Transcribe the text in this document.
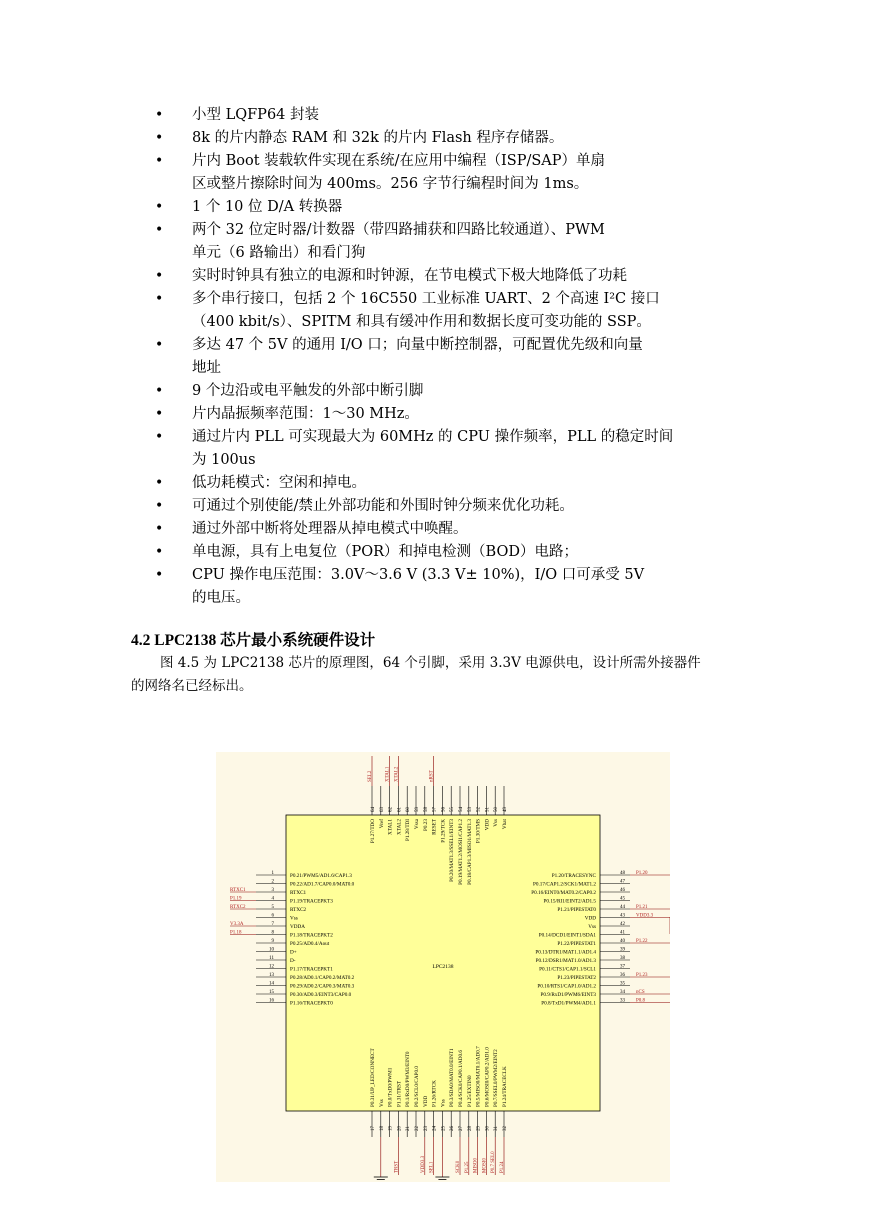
• 小型 LQFP64 封装
• 8k 的片内静态 RAM 和 32k 的片内 Flash 程序存储器。
• 片内 Boot 装载软件实现在系统/在应用中编程（ISP/SAP）单扇
区或整片擦除时间为 400ms。256 字节行编程时间为 1ms。
• 1 个 10 位 D/A 转换器
• 两个 32 位定时器/计数器（带四路捕获和四路比较通道）、PWM
单元（6 路输出）和看门狗
• 实时时钟具有独立的电源和时钟源，在节电模式下极大地降低了功耗
• 多个串行接口，包括 2 个 16C550 工业标准 UART、2 个高速 I²C 接口
（400 kbit/s）、SPITM 和具有缓冲作用和数据长度可变功能的 SSP。
• 多达 47 个 5V 的通用 I/O 口；向量中断控制器，可配置优先级和向量
地址
• 9 个边沿或电平触发的外部中断引脚
• 片内晶振频率范围：1～30 MHz。
• 通过片内 PLL 可实现最大为 60MHz 的 CPU 操作频率，PLL 的稳定时间
为 100us
• 低功耗模式：空闲和掉电。
• 可通过个别使能/禁止外部功能和外围时钟分频来优化功耗。
• 通过外部中断将处理器从掉电模式中唤醒。
• 单电源，具有上电复位（POR）和掉电检测（BOD）电路；
• CPU 操作电压范围：3.0V～3.6 V (3.3 V± 10%)，I/O 口可承受 5V
的电压。
4.2 LPC2138 芯片最小系统硬件设计
图 4.5 为 LPC2138 芯片的原理图，64 个引脚，采用 3.3V 电源供电，设计所需外接器件
的网络名已经标出。
LPC2138
1	P0.21/PWM5/AD1.6/CAP1.3
2	P0.22/AD1.7/CAP0.0/MAT0.0
3	RTXC1
RTXC1
4	P1.19/TRACEPKT3
P1.19
5	RTXC2
RTXC2
6	Vss
7	VDDA
V3.3A
8	P1.18/TRACEPKT2
P1.18
9	P0.25/AD0.4/Aout
10	D+
11	D-
12	P1.17/TRACEPKT1
13	P0.28/AD0.1/CAP0.2/MAT0.2
14	P0.29/AD0.2/CAP0.3/MAT0.3
15	P0.30/AD0.3/EINT3/CAP0.0
16	P1.16/TRACEPKT0
48
P1.20/TRACESYNC	P1.20
47
P0.17/CAP1.2/SCK1/MAT1.2
46
P0.16/EINT0/MAT0.2/CAP0.2
45
P0.15/RI1/EINT2/AD1.5
44
P1.21/PIPESTAT0	P1.21
43
VDD	VDD3.3
42
Vss
41
P0.14/DCD1/EINT1/SDA1
40
P1.22/PIPESTAT1	P1.22
39
P0.13/DTR1/MAT1.1/AD1.4
38
P0.12/DSR1/MAT1.0/AD1.3
37
P0.11/CTS1/CAP1.1/SCL1
36
P1.23/PIPESTAT2	P1.23
35
P0.10/RTS1/CAP1.0/AD1.2
34
P0.9/RxD1/PWM6/EINT3	nCS
33
P0.8/TxD1/PWM4/AD1.1	P0.8
64
P1.27/TDO
SEL2
63
Vref
62
XTAL1
XTAL1
61
XTAL2
XTAL2
60
P1.28/TDI
59
Vssa
58
P0.23
57
RESET
nRST
56
P1.29/TCK
55
P0.20/MAT1.3/SSEL1/EINT3
54
P0.19/MAT1.2/MOSI1/CAP1.2
53
P0.18/CAP1.3/MISO1/MAT1.3
52
P1.30/TMS
51
VDD
50
Vss
49
Vbat
17
P0.31/UP_LED/CONNECT
18
Vss
19
P0.0/TxD0/PWM1
20
P1.31/TRST
TRST
21
P0.1/RxD0/PWM3/EINT0
22
P0.2/SCL0/CAP0.0
23
VDD
VDD3.3
24
P1.26/RTCK
SEL1
25
Vss
26
P0.3/SDA0/MAT0.0/EINT1
27
P0.4/SCK0/CAP0.1/AD0.6
SCK0
28
P1.25/EXTIN0
P1.25
29
P0.5/MISO0/MAT0.1/AD0.7
MISO0
30
P0.6/MOSI0/CAP0.2/AD1.0
MOSI0
31
P0.7/SSEL0/PWM2/EINT2
P0.7 SEL0
32
P1.24/TRACECLK
P1.24
